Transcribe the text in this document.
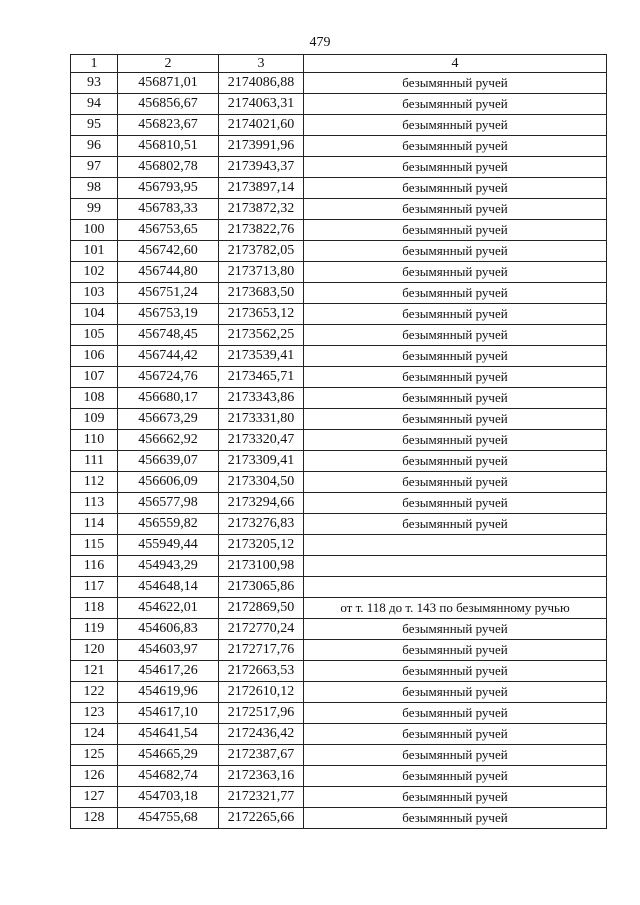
479
1	2	3	4
93	456871,01	2174086,88	безымянный ручей
94	456856,67	2174063,31	безымянный ручей
95	456823,67	2174021,60	безымянный ручей
96	456810,51	2173991,96	безымянный ручей
97	456802,78	2173943,37	безымянный ручей
98	456793,95	2173897,14	безымянный ручей
99	456783,33	2173872,32	безымянный ручей
100	456753,65	2173822,76	безымянный ручей
101	456742,60	2173782,05	безымянный ручей
102	456744,80	2173713,80	безымянный ручей
103	456751,24	2173683,50	безымянный ручей
104	456753,19	2173653,12	безымянный ручей
105	456748,45	2173562,25	безымянный ручей
106	456744,42	2173539,41	безымянный ручей
107	456724,76	2173465,71	безымянный ручей
108	456680,17	2173343,86	безымянный ручей
109	456673,29	2173331,80	безымянный ручей
110	456662,92	2173320,47	безымянный ручей
111	456639,07	2173309,41	безымянный ручей
112	456606,09	2173304,50	безымянный ручей
113	456577,98	2173294,66	безымянный ручей
114	456559,82	2173276,83	безымянный ручей
115	455949,44	2173205,12	
116	454943,29	2173100,98	
117	454648,14	2173065,86	
118	454622,01	2172869,50	от т. 118 до т. 143 по безымянному ручью
119	454606,83	2172770,24	безымянный ручей
120	454603,97	2172717,76	безымянный ручей
121	454617,26	2172663,53	безымянный ручей
122	454619,96	2172610,12	безымянный ручей
123	454617,10	2172517,96	безымянный ручей
124	454641,54	2172436,42	безымянный ручей
125	454665,29	2172387,67	безымянный ручей
126	454682,74	2172363,16	безымянный ручей
127	454703,18	2172321,77	безымянный ручей
128	454755,68	2172265,66	безымянный ручей
